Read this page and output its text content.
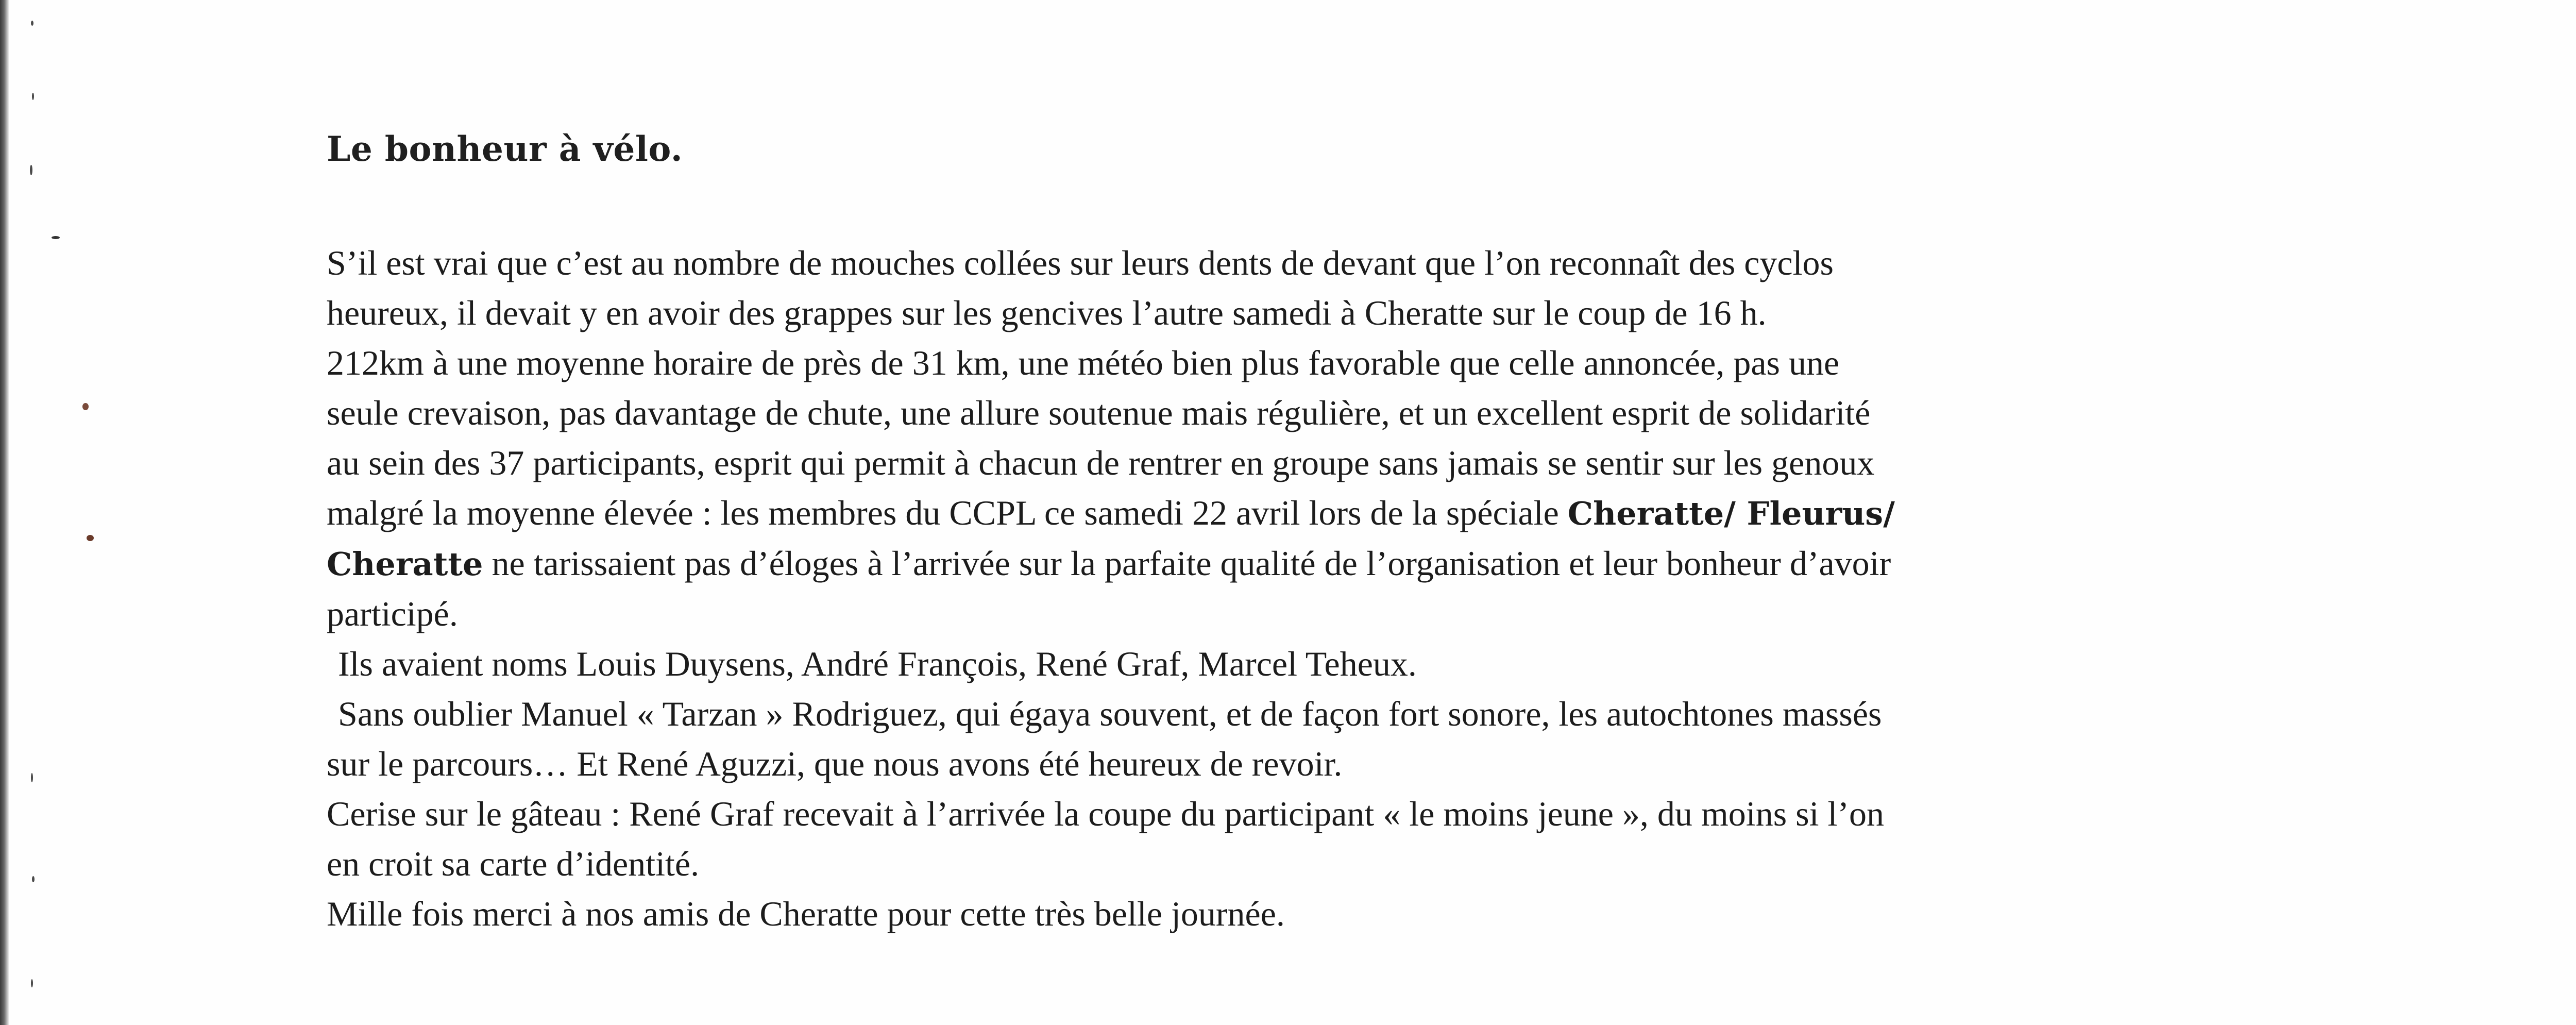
Le bonheur à vélo.
S’il est vrai que c’est au nombre de mouches collées sur leurs dents de devant que l’on reconnaît des cyclos
heureux, il devait y en avoir des grappes sur les gencives l’autre samedi à Cheratte sur le coup de 16 h.
212km à une moyenne horaire de près de 31 km, une météo bien plus favorable que celle annoncée, pas une
seule crevaison, pas davantage de chute, une allure soutenue mais régulière, et un excellent esprit de solidarité
au sein des 37 participants, esprit qui permit à chacun de rentrer en groupe sans jamais se sentir sur les genoux
malgré la moyenne élevée : les membres du CCPL ce samedi 22 avril lors de la spéciale Cheratte/ Fleurus/
Cheratte ne tarissaient pas d’éloges à l’arrivée sur la parfaite qualité de l’organisation et leur bonheur d’avoir
participé.
Ils avaient noms Louis Duysens, André François, René Graf, Marcel Teheux.
Sans oublier Manuel « Tarzan » Rodriguez, qui égaya souvent, et de façon fort sonore, les autochtones massés
sur le parcours… Et René Aguzzi, que nous avons été heureux de revoir.
Cerise sur le gâteau : René Graf recevait à l’arrivée la coupe du participant « le moins jeune », du moins si l’on
en croit sa carte d’identité.
Mille fois merci à nos amis de Cheratte pour cette très belle journée.
